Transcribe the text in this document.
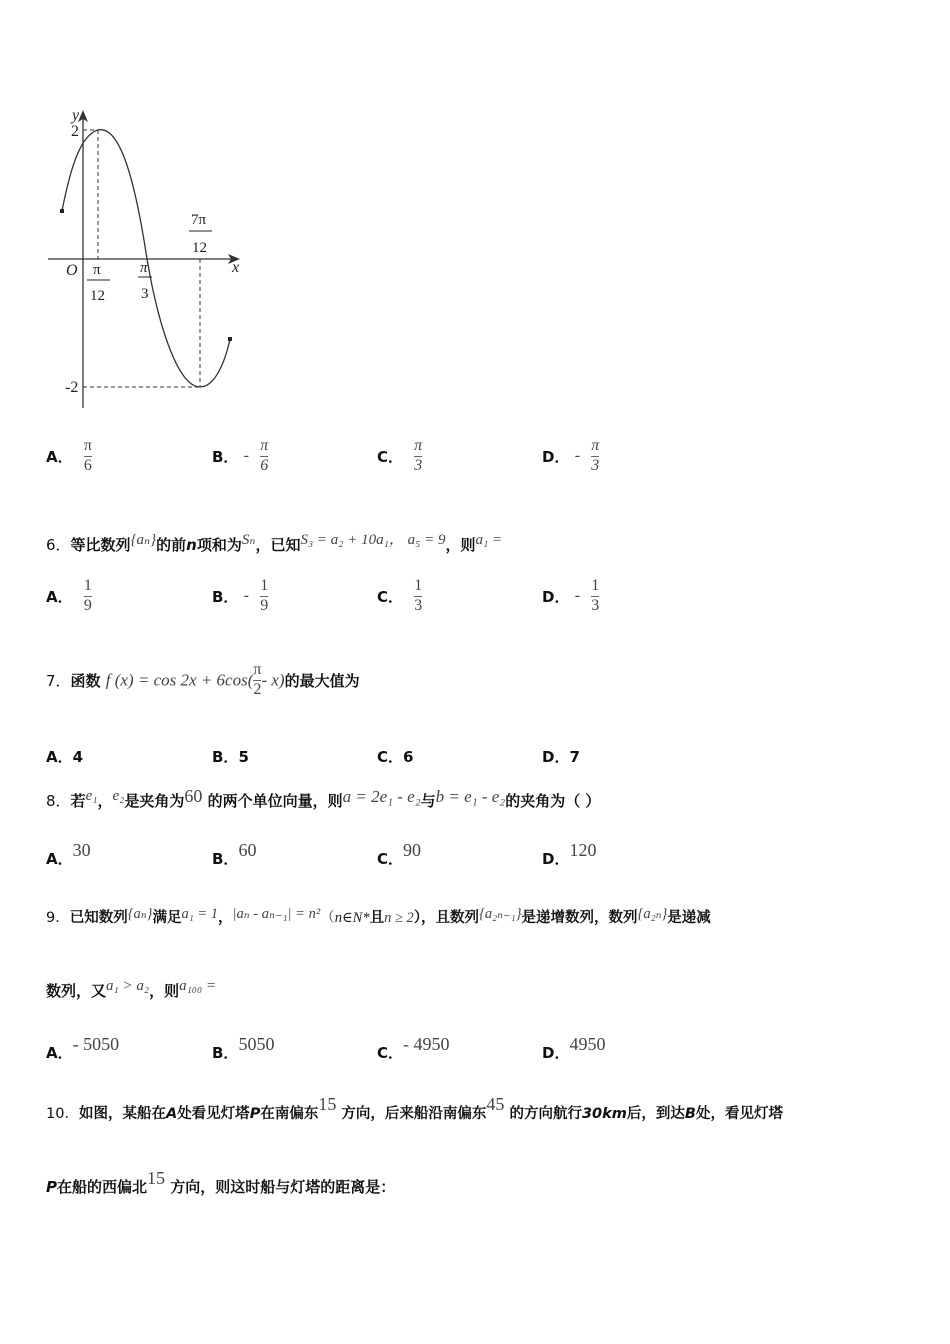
y
x
O
2
-2
π
12
π
3
7π
12
A． $\frac{\pi}{6}$	B． - $\frac{\pi}{6}$	C． $\frac{\pi}{3}$	D． - $\frac{\pi}{3}$
6．等比数列{aₙ}的前n项和为Sₙ，已知S₃ = a₂ + 10a₁， a₅ = 9，则a₁ =
A． $\frac{1}{9}$	B． - $\frac{1}{9}$	C． $\frac{1}{3}$	D． - $\frac{1}{3}$
7．函数 f $(x) = \cos 2x + 6\cos( \frac{\pi}{2} - x)$的最大值为
A．4	B．5	C．6	D．7
8．若e₁，e₂是夹角为60 的两个单位向量，则a = 2e₁ - e₂与b = e₁ - e₂的夹角为（ ）
A．30	B．60	C．90	D．120
9．已知数列{aₙ}满足a₁ = 1，|aₙ - aₙ₋₁| = n²（n∈N*且n ≥ 2），且数列{a₂ₙ₋₁}是递增数列，数列{a₂ₙ}是递减
数列，又a₁ > a₂，则a₁₀₀ =
A．- 5050	B．5050	C．- 4950	D．4950
10．如图，某船在A处看见灯塔P在南偏东15 方向，后来船沿南偏东45 的方向航行30km后，到达B处，看见灯塔
P在船的西偏北15 方向，则这时船与灯塔的距离是：
